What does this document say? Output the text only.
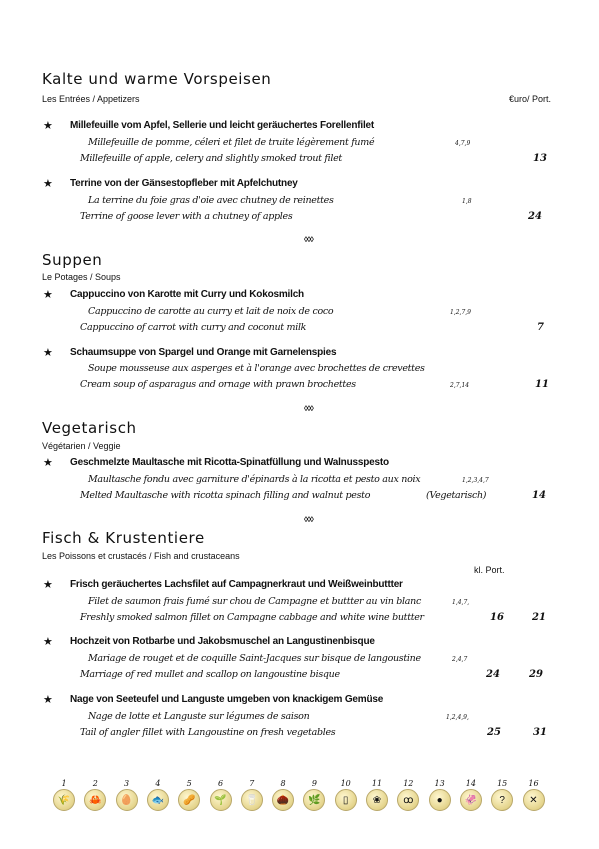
Kalte und warme Vorspeisen
Les Entrées / Appetizers	€uro/ Port.
★ Millefeuille vom Apfel, Sellerie und leicht geräuchertes Forellenfilet
Millefeuille de pomme, céleri et filet de truite légèrement fumé	4,7,9
Millefeuille of apple, celery and slightly smoked trout filet	13
★ Terrine von der Gänsestopfleber mit Apfelchutney
La terrine du foie gras d'oie avec chutney de reinettes	1,8
Terrine of goose lever with a chutney of apples	24
◊◊◊
Suppen
Le Potages / Soups
★ Cappuccino von Karotte mit Curry und Kokosmilch
Cappuccino de carotte au curry et lait de noix de coco	1,2,7,9
Cappuccino of carrot with curry and coconut milk	7
★ Schaumsuppe von Spargel und Orange mit Garnelenspies
Soupe mousseuse aux asperges et à l'orange avec brochettes de crevettes
Cream soup of asparagus and ornage with prawn brochettes	2,7,14	11
◊◊◊
Vegetarisch
Végétarien / Veggie
★ Geschmelzte Maultasche mit Ricotta-Spinatfüllung und Walnusspesto
Maultasche fondu avec garniture d'épinards à la ricotta et pesto aux noix	1,2,3,4,7
Melted Maultasche with ricotta spinach filling and walnut pesto	(Vegetarisch)	14
◊◊◊
Fisch & Krustentiere
Les Poissons et crustacés / Fish and crustaceans
kl. Port.
★ Frisch geräuchertes Lachsfilet auf Campagnerkraut und Weißweinbuttter
Filet de saumon frais fumé sur chou de Campagne et buttter au vin blanc	1,4,7,
Freshly smoked salmon fillet on Campagne cabbage and white wine buttter	16	21
★ Hochzeit von Rotbarbe und Jakobsmuschel an Langustinenbisque
Mariage de rouget et de coquille Saint-Jacques sur bisque de langoustine	2,4,7
Marriage of red mullet and scallop on langoustine bisque	24	29
★ Nage von Seeteufel und Languste umgeben von knackigem Gemüse
Nage de lotte et Languste sur légumes de saison	1,2,4,9,
Tail of angler fillet with Langoustine on fresh vegetables	25	31
1
🌾
2
🦀
3
🥚
4
🐟
5
🥜
6
🌱
7
🥛
8
🌰
9
🌿
10
▯
11
❀
12
ꝏ
13
●
14
🦑
15
?
16
✕
